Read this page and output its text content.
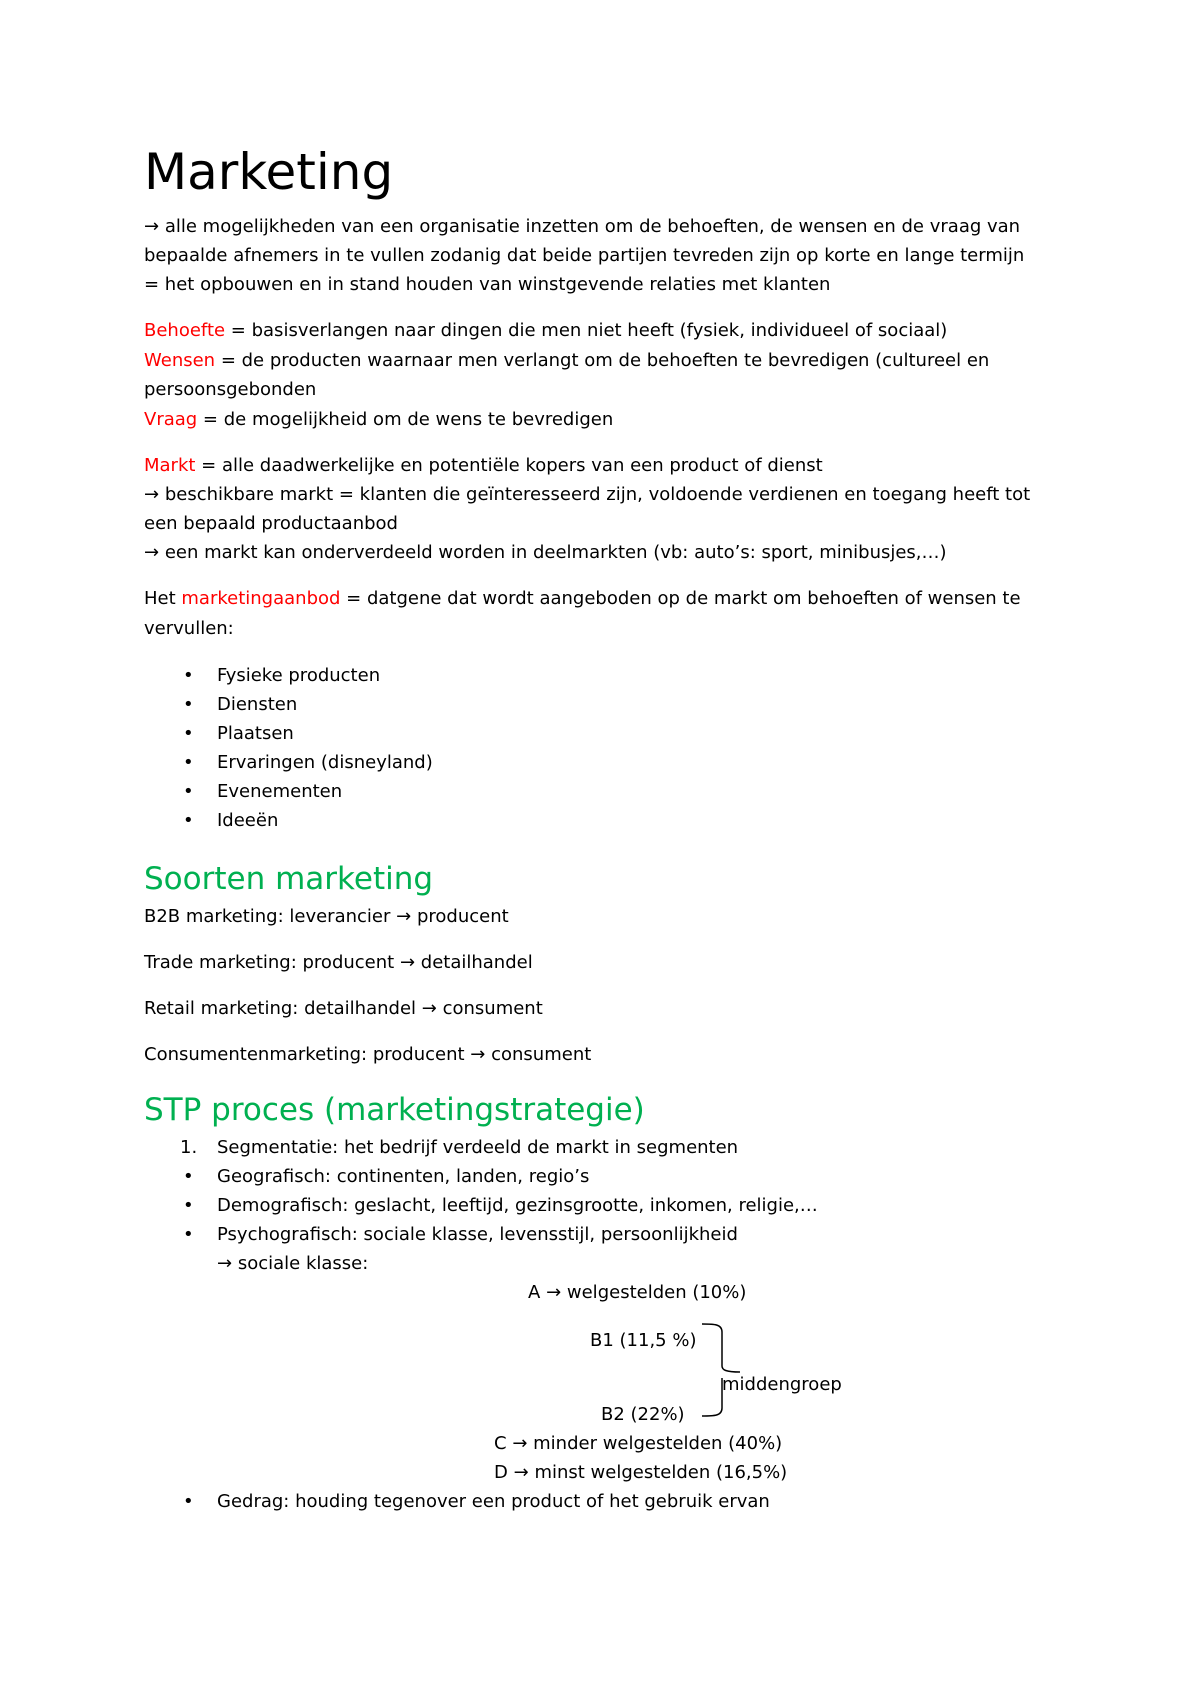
Marketing
→ alle mogelijkheden van een organisatie inzetten om de behoeften, de wensen en de vraag van
bepaalde afnemers in te vullen zodanig dat beide partijen tevreden zijn op korte en lange termijn
= het opbouwen en in stand houden van winstgevende relaties met klanten
Behoefte = basisverlangen naar dingen die men niet heeft (fysiek, individueel of sociaal)
Wensen = de producten waarnaar men verlangt om de behoeften te bevredigen (cultureel en
persoonsgebonden
Vraag = de mogelijkheid om de wens te bevredigen
Markt = alle daadwerkelijke en potentiële kopers van een product of dienst
→ beschikbare markt = klanten die geïnteresseerd zijn, voldoende verdienen en toegang heeft tot
een bepaald productaanbod
→ een markt kan onderverdeeld worden in deelmarkten (vb: auto’s: sport, minibusjes,…)
Het marketingaanbod = datgene dat wordt aangeboden op de markt om behoeften of wensen te
vervullen:
• Fysieke producten
• Diensten
• Plaatsen
• Ervaringen (disneyland)
• Evenementen
• Ideeën
Soorten marketing
B2B marketing: leverancier → producent
Trade marketing: producent → detailhandel
Retail marketing: detailhandel → consument
Consumentenmarketing: producent → consument
STP proces (marketingstrategie)
1. Segmentatie: het bedrijf verdeeld de markt in segmenten
• Geografisch: continenten, landen, regio’s
• Demografisch: geslacht, leeftijd, gezinsgrootte, inkomen, religie,…
• Psychografisch: sociale klasse, levensstijl, persoonlijkheid
→ sociale klasse:
A → welgestelden (10%)
B1 (11,5 %)
middengroep
B2 (22%)
C → minder welgestelden (40%)
D → minst welgestelden (16,5%)
• Gedrag: houding tegenover een product of het gebruik ervan
